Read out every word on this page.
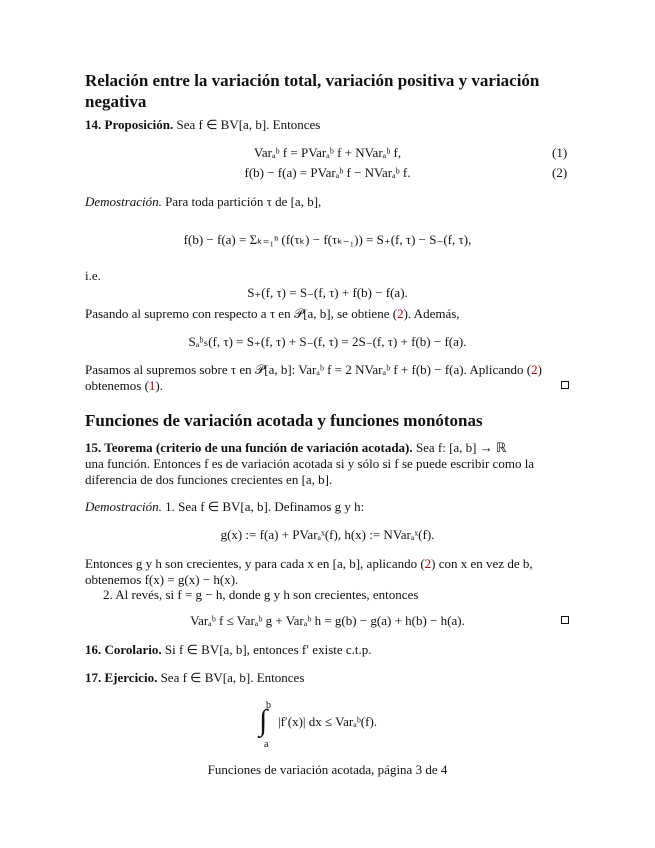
Relación entre la variación total, variación positiva y variación negativa
14. Proposición. Sea f ∈ BV[a, b]. Entonces
Varₐᵇ f = PVarₐᵇ f + NVarₐᵇ f,	(1)
f(b) − f(a) = PVarₐᵇ f − NVarₐᵇ f.	(2)
Demostración. Para toda partición τ de [a, b],
f(b) − f(a) = Σₖ₌₁ⁿ (f(τₖ) − f(τₖ₋₁)) = S₊(f, τ) − S₋(f, τ),
i.e.
S₊(f, τ) = S₋(f, τ) + f(b) − f(a).
Pasando al supremo con respecto a τ en 𝒫[a, b], se obtiene (2). Además,
Sₐᵇₛ(f, τ) = S₊(f, τ) + S₋(f, τ) = 2S₋(f, τ) + f(b) − f(a).
Pasamos al supremos sobre τ en 𝒫[a, b]: Varₐᵇ f = 2 NVarₐᵇ f + f(b) − f(a). Aplicando (2)
obtenemos (1).
Funciones de variación acotada y funciones monótonas
15. Teorema (criterio de una función de variación acotada). Sea f: [a, b] → ℝ
una función. Entonces f es de variación acotada si y sólo si f se puede escribir como la
diferencia de dos funciones crecientes en [a, b].
Demostración. 1. Sea f ∈ BV[a, b]. Definamos g y h:
g(x) := f(a) + PVarₐˣ(f), h(x) := NVarₐˣ(f).
Entonces g y h son crecientes, y para cada x en [a, b], aplicando (2) con x en vez de b,
obtenemos f(x) = g(x) − h(x).
2. Al revés, si f = g − h, donde g y h son crecientes, entonces
Varₐᵇ f ≤ Varₐᵇ g + Varₐᵇ h = g(b) − g(a) + h(b) − h(a).
16. Corolario. Si f ∈ BV[a, b], entonces f′ existe c.t.p.
17. Ejercicio. Sea f ∈ BV[a, b]. Entonces
b
∫
a
|f′(x)| dx ≤ Varₐᵇ(f).
Funciones de variación acotada, página 3 de 4
